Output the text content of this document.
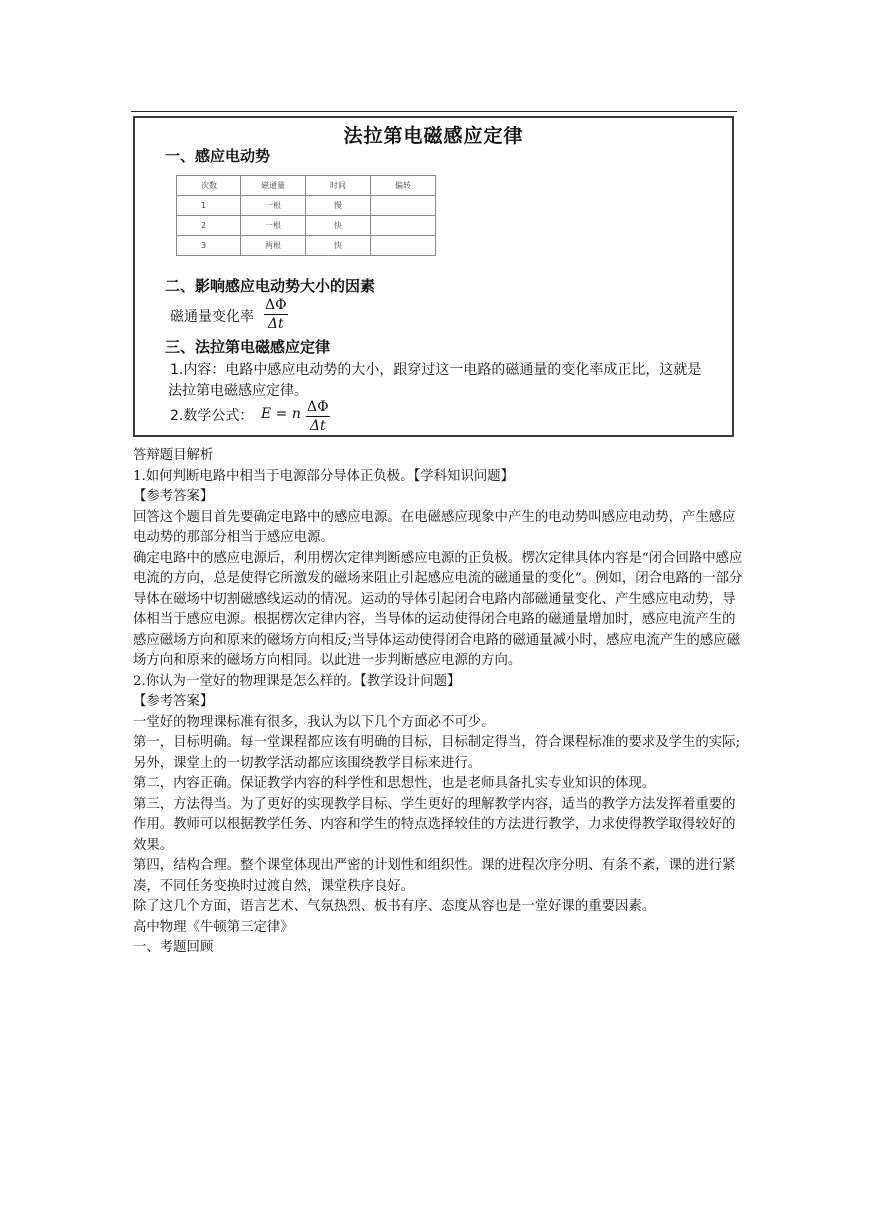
法拉第电磁感应定律
一、感应电动势
次数	磁通量	时间	偏转
1	一根	慢	
2	一根	快	
3	两根	快	
二、影响感应电动势大小的因素
磁通量变化率 $\frac{\Delta\Phi}{\Delta t}$
三、法拉第电磁感应定律
1.内容：电路中感应电动势的大小，跟穿过这一电路的磁通量的变化率成正比，这就是
法拉第电磁感应定律。
2.数学公式： E = n $\frac{\Delta\Phi}{\Delta t}$

答辩题目解析

1.如何判断电路中相当于电源部分导体正负极。【学科知识问题】

【参考答案】

回答这个题目首先要确定电路中的感应电源。在电磁感应现象中产生的电动势叫感应电动势，产生感应电动势的那部分相当于感应电源。

确定电路中的感应电源后，利用楞次定律判断感应电源的正负极。楞次定律具体内容是“闭合回路中感应电流的方向，总是使得它所激发的磁场来阻止引起感应电流的磁通量的变化”。例如，闭合电路的一部分导体在磁场中切割磁感线运动的情况。运动的导体引起闭合电路内部磁通量变化、产生感应电动势，导体相当于感应电源。根据楞次定律内容，当导体的运动使得闭合电路的磁通量增加时，感应电流产生的感应磁场方向和原来的磁场方向相反;当导体运动使得闭合电路的磁通量减小时，感应电流产生的感应磁场方向和原来的磁场方向相同。以此进一步判断感应电源的方向。

2.你认为一堂好的物理课是怎么样的。【教学设计问题】

【参考答案】

一堂好的物理课标准有很多，我认为以下几个方面必不可少。

第一，目标明确。每一堂课程都应该有明确的目标，目标制定得当，符合课程标准的要求及学生的实际;另外，课堂上的一切教学活动都应该围绕教学目标来进行。

第二，内容正确。保证教学内容的科学性和思想性，也是老师具备扎实专业知识的体现。

第三，方法得当。为了更好的实现教学目标、学生更好的理解教学内容，适当的教学方法发挥着重要的作用。教师可以根据教学任务、内容和学生的特点选择较佳的方法进行教学，力求使得教学取得较好的效果。

第四，结构合理。整个课堂体现出严密的计划性和组织性。课的进程次序分明、有条不紊，课的进行紧凑，不同任务变换时过渡自然，课堂秩序良好。

除了这几个方面，语言艺术、气氛热烈、板书有序、态度从容也是一堂好课的重要因素。

高中物理《牛顿第三定律》

一、考题回顾
